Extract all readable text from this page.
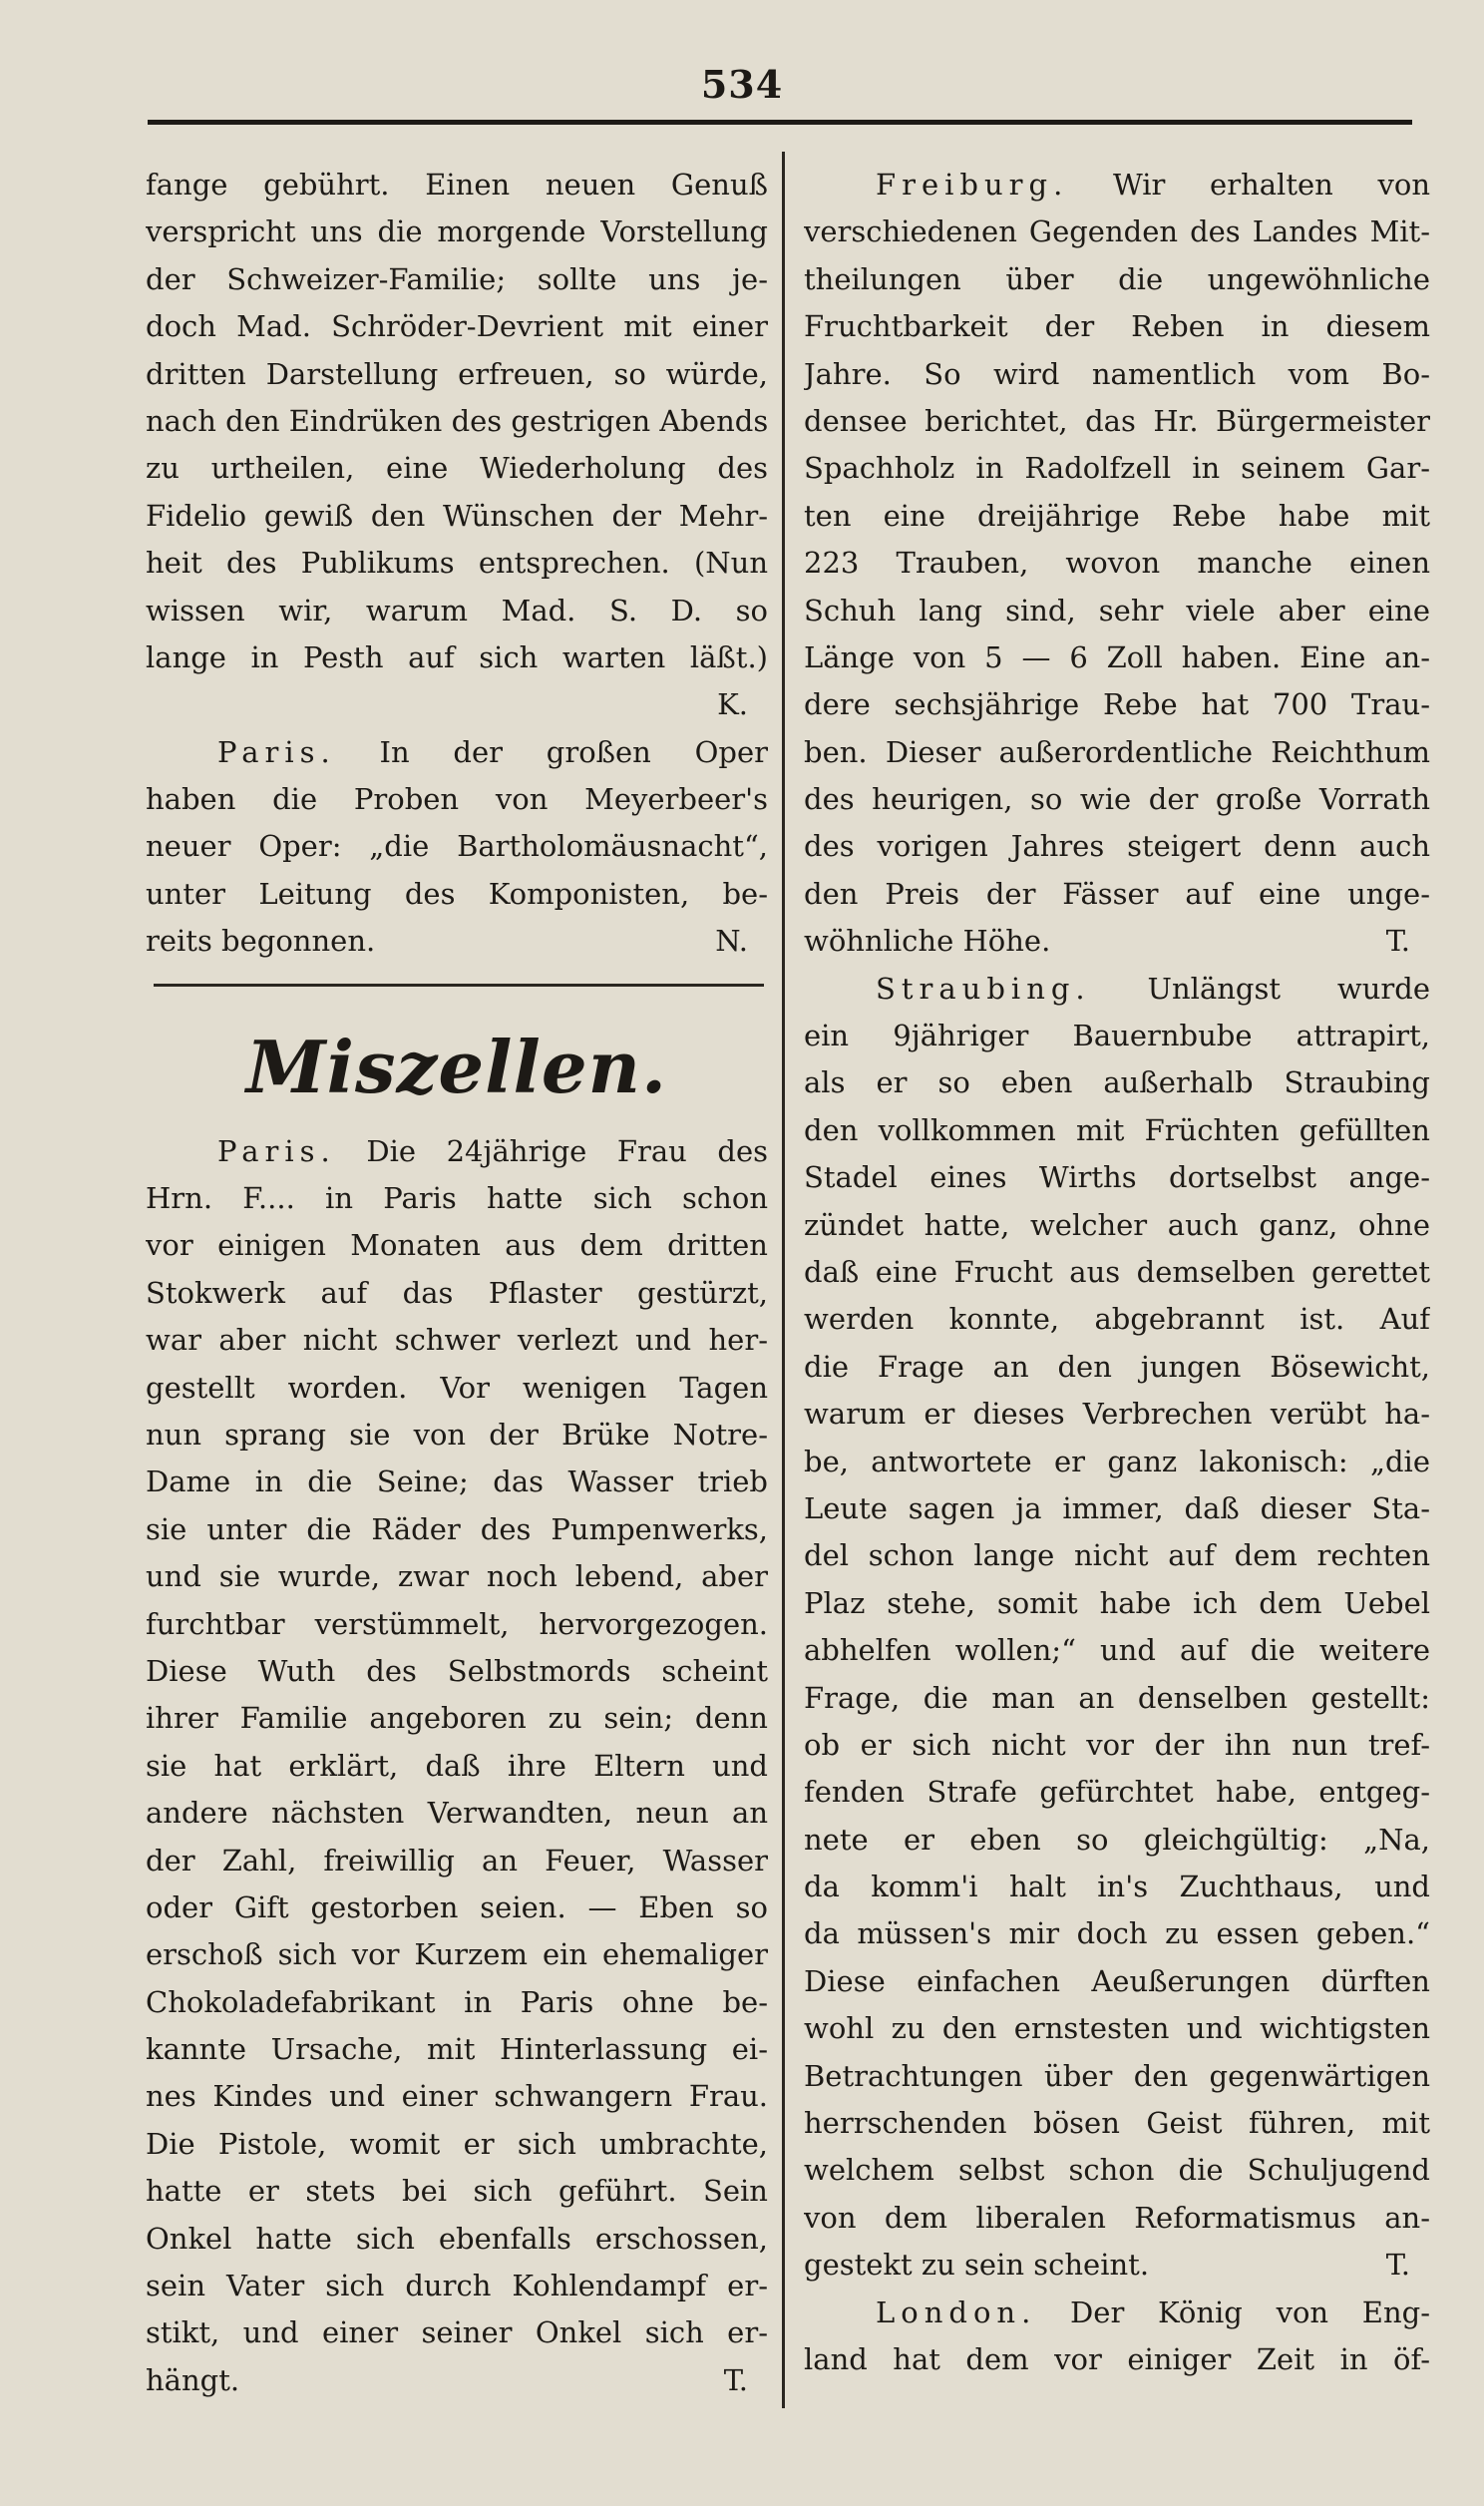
534
fange gebührt. Einen neuen Genuß
verspricht uns die morgende Vorstellung
der Schweizer-Familie; sollte uns je-
doch Mad. Schröder-Devrient mit einer
dritten Darstellung erfreuen, so würde,
nach den Eindrüken des gestrigen Abends
zu urtheilen, eine Wiederholung des
Fidelio gewiß den Wünschen der Mehr-
heit des Publikums entsprechen. (Nun
wissen wir, warum Mad. S. D. so
lange in Pesth auf sich warten läßt.)
K.
Paris. In der großen Oper
haben die Proben von Meyerbeer's
neuer Oper: „die Bartholomäusnacht“,
unter Leitung des Komponisten, be-
reits begonnen.	N.
Miszellen.
Paris. Die 24jährige Frau des
Hrn. F.... in Paris hatte sich schon
vor einigen Monaten aus dem dritten
Stokwerk auf das Pflaster gestürzt,
war aber nicht schwer verlezt und her-
gestellt worden. Vor wenigen Tagen
nun sprang sie von der Brüke Notre-
Dame in die Seine; das Wasser trieb
sie unter die Räder des Pumpenwerks,
und sie wurde, zwar noch lebend, aber
furchtbar verstümmelt, hervorgezogen.
Diese Wuth des Selbstmords scheint
ihrer Familie angeboren zu sein; denn
sie hat erklärt, daß ihre Eltern und
andere nächsten Verwandten, neun an
der Zahl, freiwillig an Feuer, Wasser
oder Gift gestorben seien. — Eben so
erschoß sich vor Kurzem ein ehemaliger
Chokoladefabrikant in Paris ohne be-
kannte Ursache, mit Hinterlassung ei-
nes Kindes und einer schwangern Frau.
Die Pistole, womit er sich umbrachte,
hatte er stets bei sich geführt. Sein
Onkel hatte sich ebenfalls erschossen,
sein Vater sich durch Kohlendampf er-
stikt, und einer seiner Onkel sich er-
hängt.	T.
Freiburg. Wir erhalten von
verschiedenen Gegenden des Landes Mit-
theilungen über die ungewöhnliche
Fruchtbarkeit der Reben in diesem
Jahre. So wird namentlich vom Bo-
densee berichtet, das Hr. Bürgermeister
Spachholz in Radolfzell in seinem Gar-
ten eine dreijährige Rebe habe mit
223 Trauben, wovon manche einen
Schuh lang sind, sehr viele aber eine
Länge von 5 — 6 Zoll haben. Eine an-
dere sechsjährige Rebe hat 700 Trau-
ben. Dieser außerordentliche Reichthum
des heurigen, so wie der große Vorrath
des vorigen Jahres steigert denn auch
den Preis der Fässer auf eine unge-
wöhnliche Höhe.	T.
Straubing. Unlängst wurde
ein 9jähriger Bauernbube attrapirt,
als er so eben außerhalb Straubing
den vollkommen mit Früchten gefüllten
Stadel eines Wirths dortselbst ange-
zündet hatte, welcher auch ganz, ohne
daß eine Frucht aus demselben gerettet
werden konnte, abgebrannt ist. Auf
die Frage an den jungen Bösewicht,
warum er dieses Verbrechen verübt ha-
be, antwortete er ganz lakonisch: „die
Leute sagen ja immer, daß dieser Sta-
del schon lange nicht auf dem rechten
Plaz stehe, somit habe ich dem Uebel
abhelfen wollen;“ und auf die weitere
Frage, die man an denselben gestellt:
ob er sich nicht vor der ihn nun tref-
fenden Strafe gefürchtet habe, entgeg-
nete er eben so gleichgültig: „Na,
da komm'i halt in's Zuchthaus, und
da müssen's mir doch zu essen geben.“
Diese einfachen Aeußerungen dürften
wohl zu den ernstesten und wichtigsten
Betrachtungen über den gegenwärtigen
herrschenden bösen Geist führen, mit
welchem selbst schon die Schuljugend
von dem liberalen Reformatismus an-
gestekt zu sein scheint.	T.
London. Der König von Eng-
land hat dem vor einiger Zeit in öf-
